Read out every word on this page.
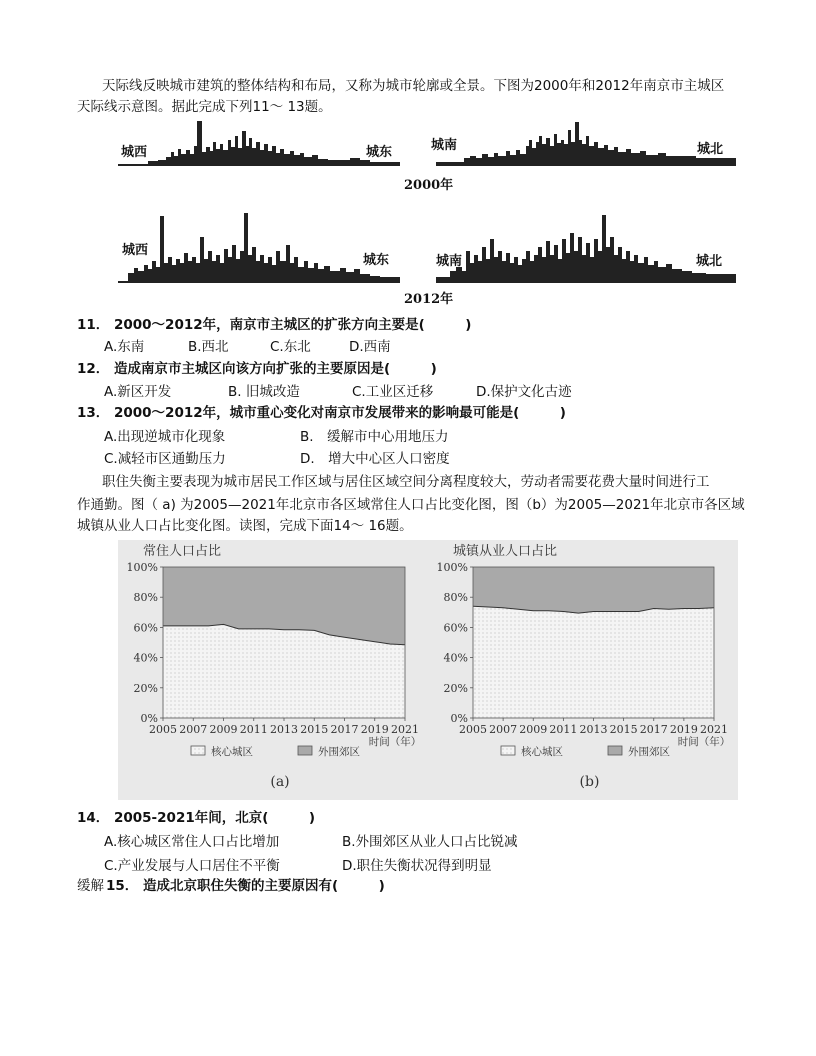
天际线反映城市建筑的整体结构和布局，又称为城市轮廓或全景。下图为2000年和2012年南京市主城区
天际线示意图。据此完成下列11～ 13题。
城西	城东	城南	城北
2000年
城西
城东	城南	城北
2012年
11． 2000～2012年，南京市主城区的扩张方向主要是(　　　)
A.东南	B.西北	C.东北	D.西南
12． 造成南京市主城区向该方向扩张的主要原因是(　　　)
A.新区开发	B. 旧城改造	C.工业区迁移	D.保护文化古迹
13． 2000～2012年，城市重心变化对南京市发展带来的影响最可能是(　　　)
A.出现逆城市化现象	B.　缓解市中心用地压力
C.减轻市区通勤压力	D.　增大中心区人口密度
职住失衡主要表现为城市居民工作区域与居住区域空间分离程度较大，劳动者需要花费大量时间进行工
作通勤。图（ a) 为2005—2021年北京市各区域常住人口占比变化图，图（b）为2005—2021年北京市各区域
城镇从业人口占比变化图。读图，完成下面14～ 16题。
0%
20%
40%
60%
80%
100%
2005 2007 2009 2011 2013 2015 2017 2019 2021
时间（年）
常住人口占比
核心城区	外围郊区
(a)
0%
20%
40%
60%
80%
100%
2005 2007 2009 2011 2013 2015 2017 2019 2021
时间（年）
城镇从业人口占比
核心城区	外围郊区
(b)
14． 2005-2021年间，北京(　　　)
A.核心城区常住人口占比增加	B.外围郊区从业人口占比锐减
C.产业发展与人口居住不平衡	D.职住失衡状况得到明显
缓解 15． 造成北京职住失衡的主要原因有(　　　)
